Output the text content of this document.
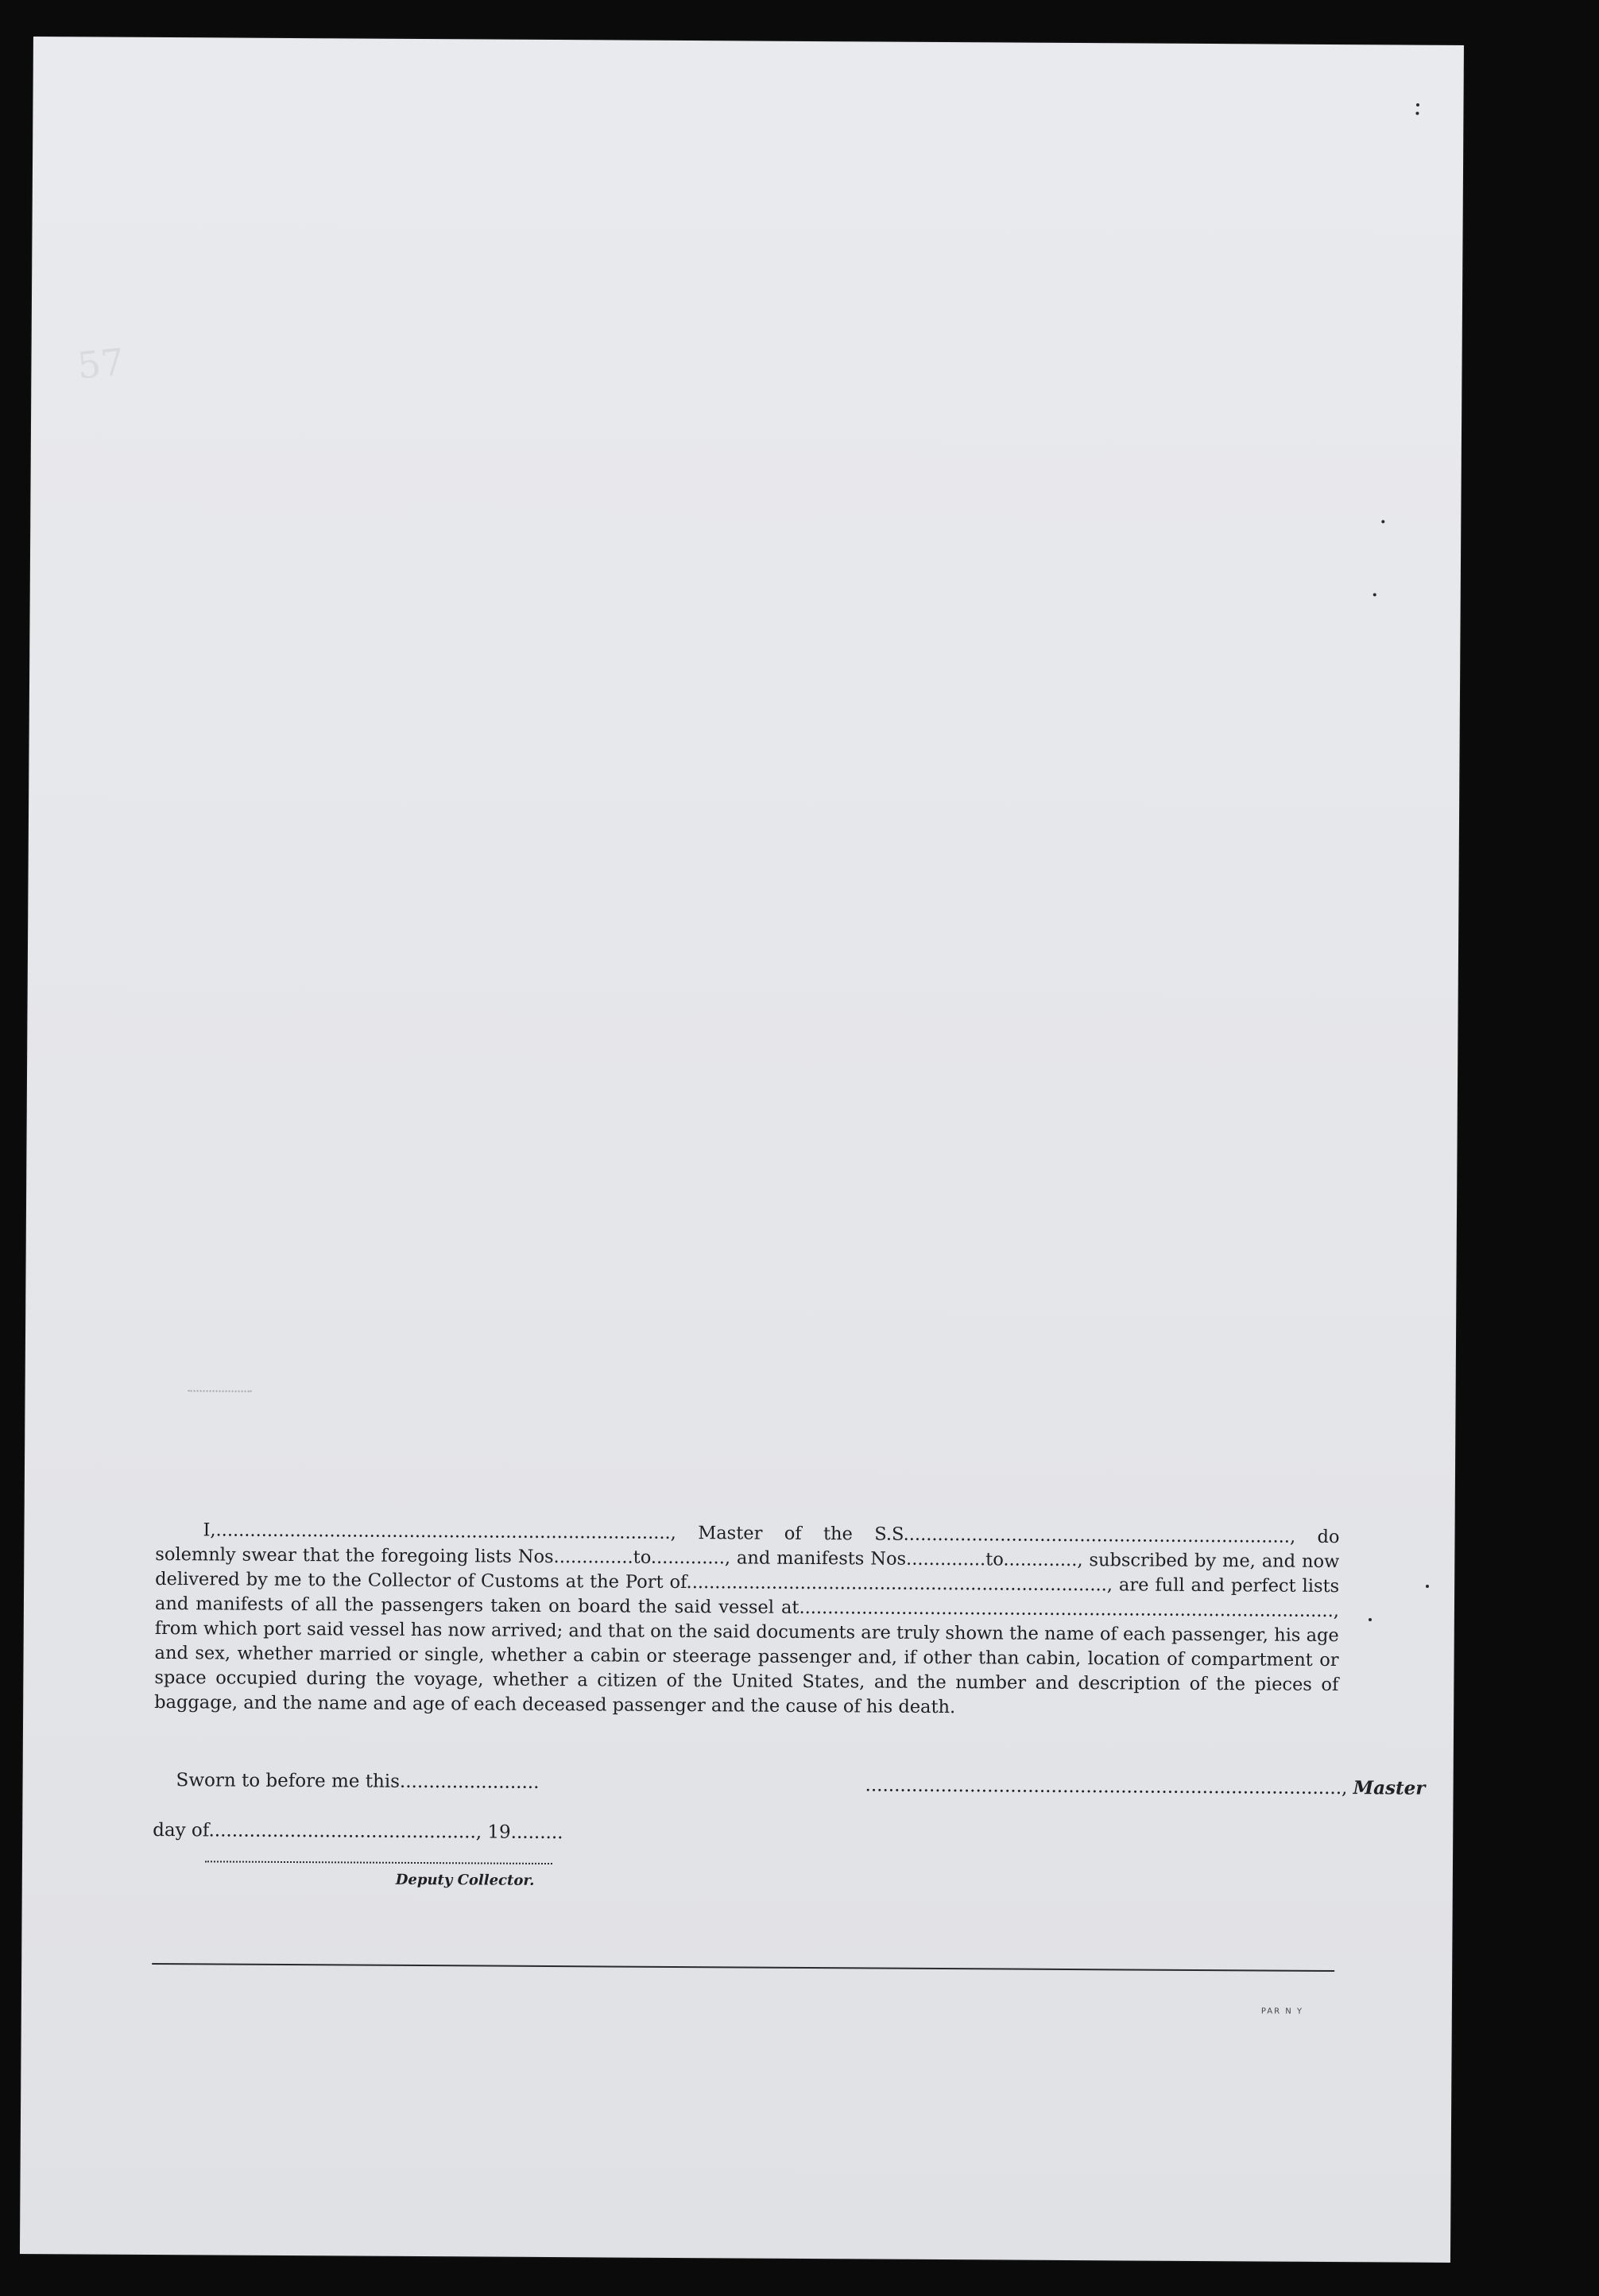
57
I,................................................................................, Master of the S.S...................................................................., do solemnly swear that the foregoing lists Nos..............to............., and manifests Nos..............to............., subscribed by me, and now delivered by me to the Collector of Customs at the Port of.........................................................................., are full and perfect lists and manifests of all the passengers taken on board the said vessel at.............................................................................................., from which port said vessel has now arrived; and that on the said documents are truly shown the name of each passenger, his age and sex, whether married or single, whether a cabin or steerage passenger and, if other than cabin, location of compartment or space occupied during the voyage, whether a citizen of the United States, and the number and description of the pieces of baggage, and the name and age of each deceased passenger and the cause of his death.
Sworn to before me this........................	.................................................................................., Master
day of.............................................., 19.........
Deputy Collector.
PAR N Y
